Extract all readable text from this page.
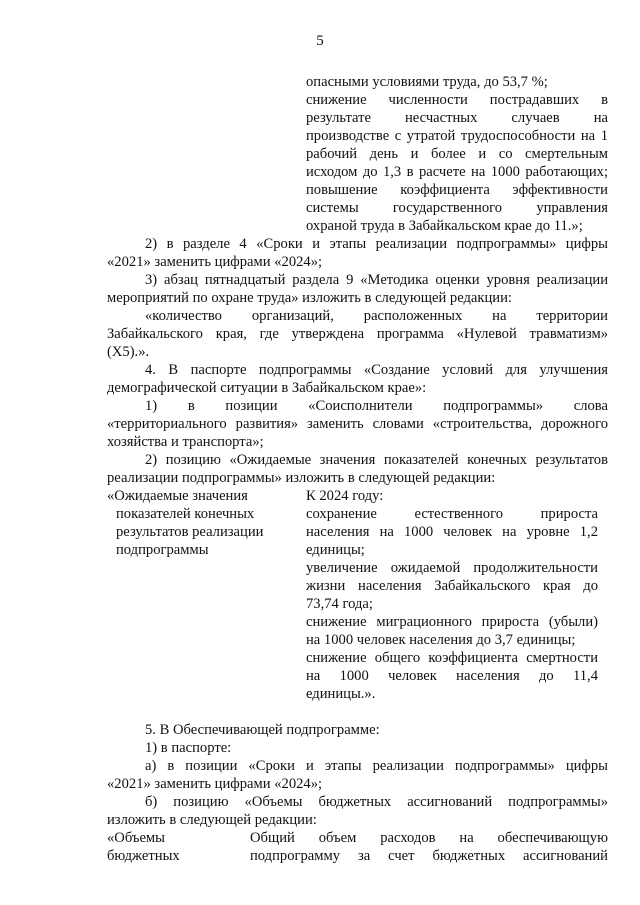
5
опасными условиями труда, до 53,7 %;
снижение численности пострадавших в
результате несчастных случаев на
производстве с утратой трудоспособности на 1
рабочий день и более и со смертельным
исходом до 1,3 в расчете на 1000 работающих;
повышение коэффициента эффективности
системы государственного управления
охраной труда в Забайкальском крае до 11.»;
2) в разделе 4 «Сроки и этапы реализации подпрограммы» цифры
«2021» заменить цифрами «2024»;
3) абзац пятнадцатый раздела 9 «Методика оценки уровня реализации
мероприятий по охране труда» изложить в следующей редакции:
«количество организаций, расположенных на территории
Забайкальского края, где утверждена программа «Нулевой травматизм»
(X5).».
4. В паспорте подпрограммы «Создание условий для улучшения
демографической ситуации в Забайкальском крае»:
1) в позиции «Соисполнители подпрограммы» слова
«территориального развития» заменить словами «строительства, дорожного
хозяйства и транспорта»;
2) позицию «Ожидаемые значения показателей конечных результатов
реализации подпрограммы» изложить в следующей редакции:
«Ожидаемые значения
показателей конечных
результатов реализации
подпрограммы
К 2024 году:
сохранение естественного прироста
населения на 1000 человек на уровне 1,2
единицы;
увеличение ожидаемой продолжительности
жизни населения Забайкальского края до
73,74 года;
снижение миграционного прироста (убыли)
на 1000 человек населения до 3,7 единицы;
снижение общего коэффициента смертности
на 1000 человек населения до 11,4
единицы.».
5. В Обеспечивающей подпрограмме:
1) в паспорте:
а) в позиции «Сроки и этапы реализации подпрограммы» цифры
«2021» заменить цифрами «2024»;
б) позицию «Объемы бюджетных ассигнований подпрограммы»
изложить в следующей редакции:
«Объемы
бюджетных
Общий объем расходов на обеспечивающую
подпрограмму за счет бюджетных ассигнований
